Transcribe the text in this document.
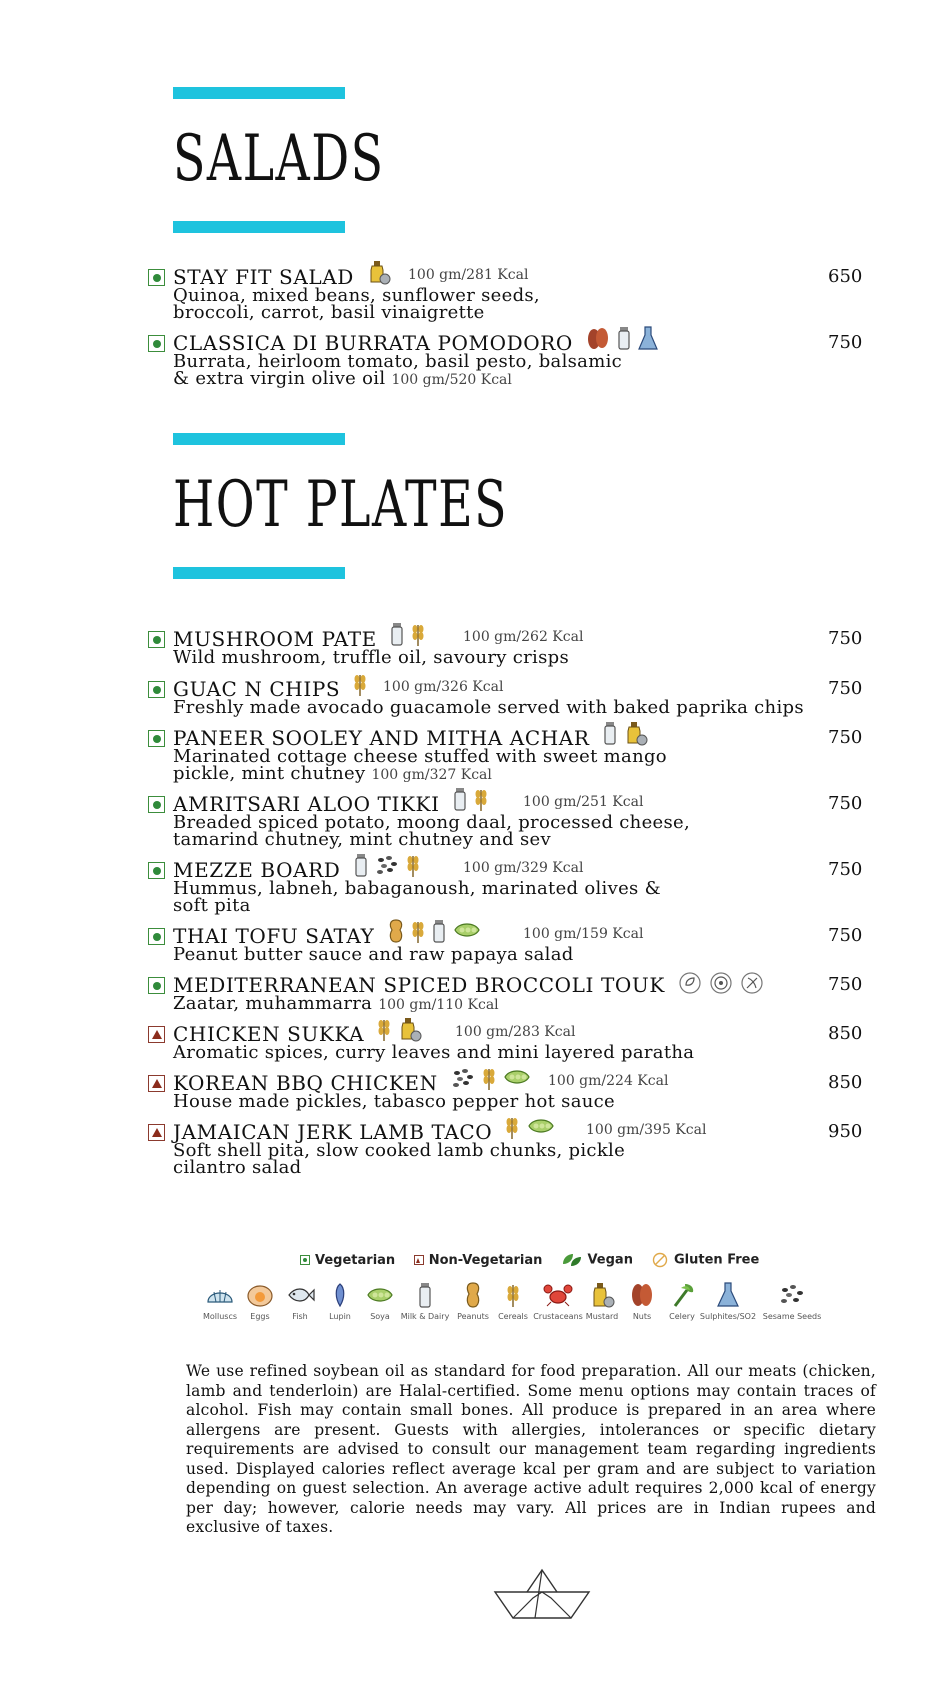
SALADS
STAY FIT SALAD	100 gm/281 Kcal
Quinoa, mixed beans, sunflower seeds, broccoli, carrot, basil vinaigrette
650
CLASSICA DI BURRATA POMODORO
Burrata, heirloom tomato, basil pesto, balsamic & extra virgin olive oil 100 gm/520 Kcal
750
HOT PLATES
MUSHROOM PATE	100 gm/262 Kcal
Wild mushroom, truffle oil, savoury crisps
750
GUAC N CHIPS	100 gm/326 Kcal
Freshly made avocado guacamole served with baked paprika chips
750
PANEER SOOLEY AND MITHA ACHAR
Marinated cottage cheese stuffed with sweet mango pickle, mint chutney 100 gm/327 Kcal
750
AMRITSARI ALOO TIKKI	100 gm/251 Kcal
Breaded spiced potato, moong daal, processed cheese, tamarind chutney, mint chutney and sev
750
MEZZE BOARD	100 gm/329 Kcal
Hummus, labneh, babaganoush, marinated olives & soft pita
750
THAI TOFU SATAY	100 gm/159 Kcal
Peanut butter sauce and raw papaya salad
750
MEDITERRANEAN SPICED BROCCOLI TOUK
Zaatar, muhammarra 100 gm/110 Kcal
750
CHICKEN SUKKA	100 gm/283 Kcal
Aromatic spices, curry leaves and mini layered paratha
850
KOREAN BBQ CHICKEN	100 gm/224 Kcal
House made pickles, tabasco pepper hot sauce
850
JAMAICAN JERK LAMB TACO	100 gm/395 Kcal
Soft shell pita, slow cooked lamb chunks, pickle cilantro salad
950
Vegetarian	Non-Vegetarian	Vegan	Gluten Free
Molluscs	Eggs	Fish	Lupin	Soya	Milk & Dairy Peanuts	Cereals Crustaceans Mustard	Nuts	Celery Sulphites/SO2 Sesame Seeds
We use refined soybean oil as standard for food preparation. All our meats (chicken, lamb and tenderloin) are Halal-certified. Some menu options may contain traces of alcohol. Fish may contain small bones. All produce is prepared in an area where allergens are present. Guests with allergies, intolerances or specific dietary requirements are advised to consult our management team regarding ingredients used. Displayed calories reflect average kcal per gram and are subject to variation depending on guest selection. An average active adult requires 2,000 kcal of energy per day; however, calorie needs may vary. All prices are in Indian rupees and exclusive of taxes.
